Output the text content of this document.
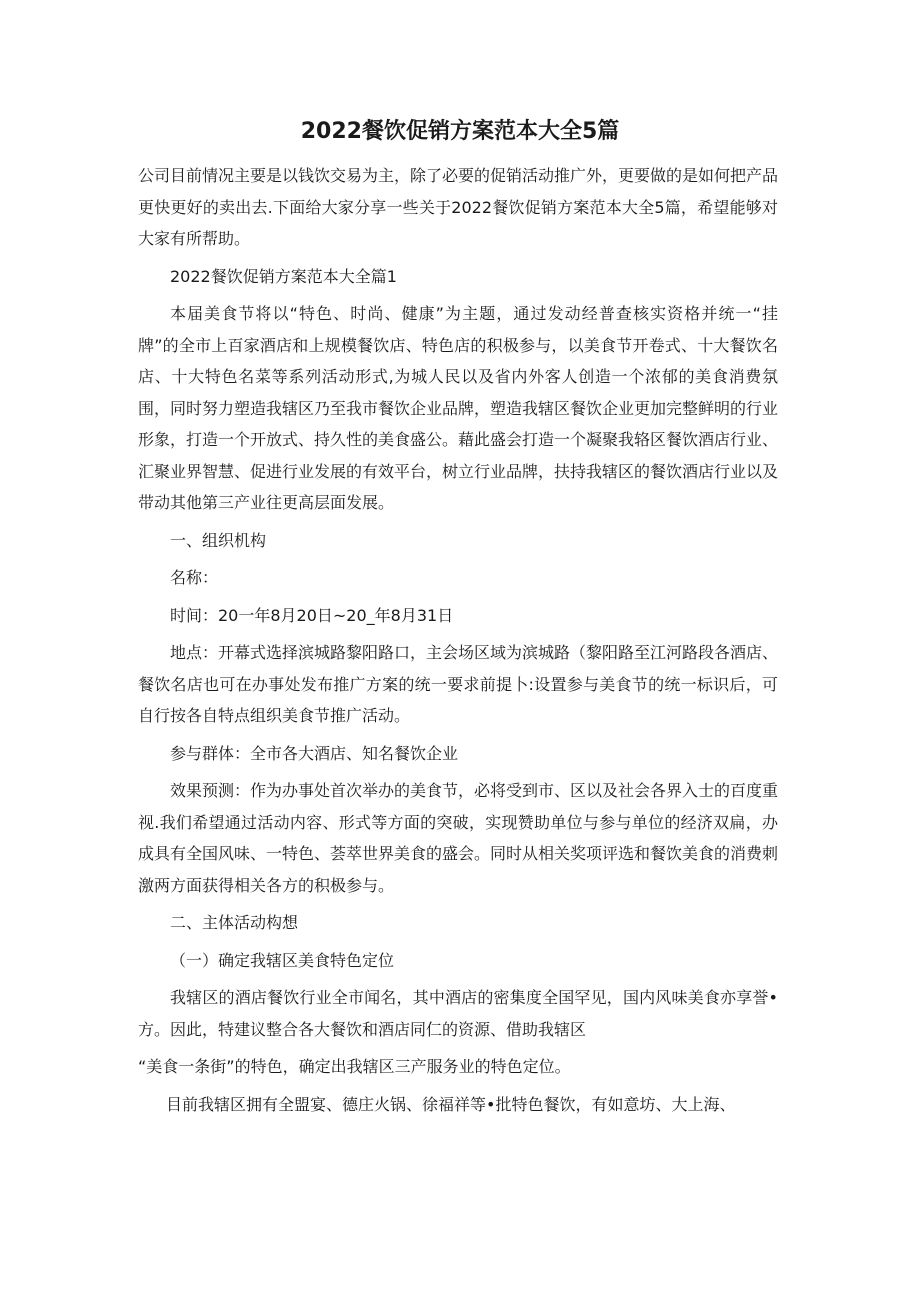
2022餐饮促销方案范本大全5篇

公司目前情况主要是以钱饮交易为主，除了必要的促销活动推广外，更要做的是如何把产品更快更好的卖出去.下面给大家分享一些关于2022餐饮促销方案范本大全5篇，希望能够对大家有所帮助。

2022餐饮促销方案范本大全篇1

本届美食节将以“特色、时尚、健康”为主题，通过发动经普查核实资格并统一“挂牌”的全市上百家酒店和上规模餐饮店、特色店的积极参与，以美食节开卷式、十大餐饮名店、十大特色名菜等系列活动形式,为城人民以及省内外客人创造一个浓郁的美食消费氛围，同时努力塑造我辖区乃至我市餐饮企业品牌，塑造我辖区餐饮企业更加完整鲜明的行业形象，打造一个开放式、持久性的美食盛公。藉此盛会打造一个凝聚我辂区餐饮酒店行业、汇聚业界智慧、促进行业发展的有效平台，树立行业品牌，扶持我辖区的餐饮酒店行业以及带动其他第三产业往更高层面发展。

一、组织机构

名称：

时间：20一年8月20日~20_年8月31日

地点：开幕式选择滨城路黎阳路口，主会场区域为滨城路（黎阳路至江河路段各酒店、餐饮名店也可在办事处发布推广方案的统一要求前提卜:设置参与美食节的统一标识后，可自行按各自特点组织美食节推广活动。

参与群体：全市各大酒店、知名餐饮企业

效果预测：作为办事处首次举办的美食节，必将受到市、区以及社会各界入士的百度重视.我们希望通过活动内容、形式等方面的突破，实现赞助单位与参与单位的经济双扁，办成具有全国风味、一特色、荟萃世界美食的盛会。同时从相关奖项评选和餐饮美食的消费刺激两方面获得相关各方的积极参与。

二、主体活动构想

（一）确定我辖区美食特色定位

我辖区的酒店餐饮行业全市闻名，其中酒店的密集度全国罕见，国内风味美食亦享誉•方。因此，特建议整合各大餐饮和酒店同仁的资源、借助我辖区

“美食一条街”的特色，确定出我辖区三产服务业的特色定位。

目前我辖区拥有全盟宴、德庄火锅、徐福祥等•批特色餐饮，有如意坊、大上海、
